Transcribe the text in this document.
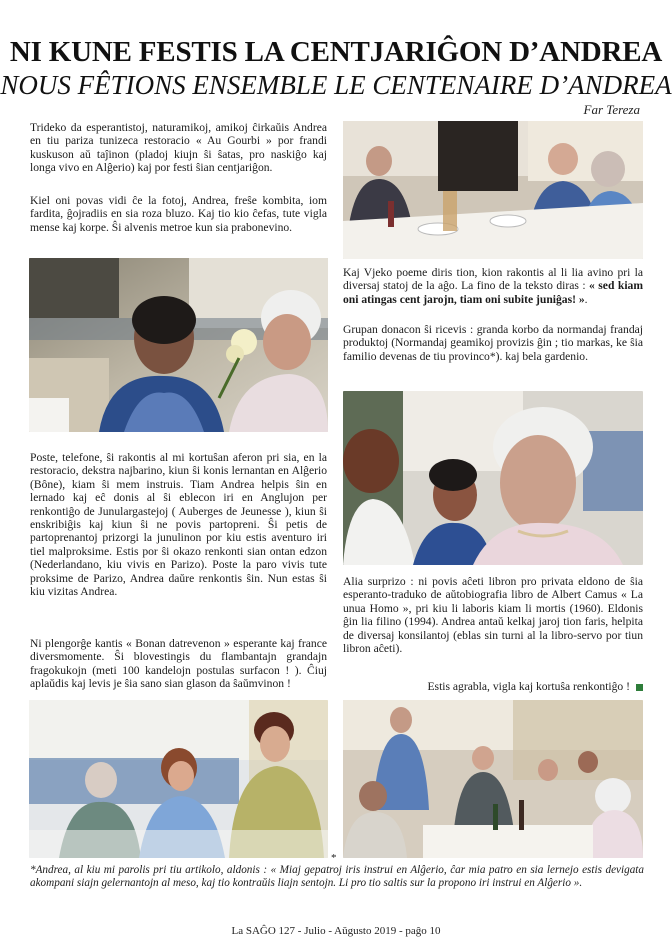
NI KUNE FESTIS LA CENTJARIĜON D’ANDREA
NOUS FÊTIONS ENSEMBLE LE CENTENAIRE D’ANDREA
Far Tereza
Trideko da esperantistoj, naturamikoj, amikoj ĉirkaŭis Andrea en tiu pariza tunizeca restoracio « Au Gourbi » por frandi kuskuson aŭ taĵinon (pladoj kiujn ŝi ŝatas, pro naskiĝo kaj longa vivo en Alĝerio) kaj por festi ŝian centjariĝon.
Kiel oni povas vidi ĉe la fotoj, Andrea, freŝe kombita, iom fardita, ĝojradiis en sia roza bluzo. Kaj tio kio ĉefas, tute vigla mense kaj korpe. Ŝi alvenis metroe kun sia prabonevino.
Poste, telefone, ŝi rakontis al mi kortuŝan aferon pri sia, en la restoracio, dekstra najbarino, kiun ŝi konis lernantan en Alĝerio (Bône), kiam ŝi mem instruis. Tiam Andrea helpis ŝin en lernado kaj eĉ donis al ŝi eblecon iri en Anglujon per renkontiĝo de Junulargastejoj ( Auberges de Jeunesse ), kiun ŝi enskribiĝis kaj kiun ŝi ne povis partopreni. Ŝi petis de partoprenantoj prizorgi la junulinon por kiu estis aventuro iri tiel malproksime. Estis por ŝi okazo renkonti sian ontan edzon (Nederlandano, kiu vivis en Parizo). Poste la paro vivis tute proksime de Parizo, Andrea daŭre renkontis ŝin. Nun estas ŝi kiu vizitas Andrea.
Ni plengorĝe kantis « Bonan datrevenon » esperante kaj france diversmomente. Ŝi blovestingis du flambantajn grandajn fragokukojn (meti 100 kandelojn postulas surfacon ! ). Ĉiuj aplaŭdis kaj levis je ŝia sano sian glason da ŝaŭmvinon !
*
Kaj Vjeko poeme diris tion, kion rakontis al li lia avino pri la diversaj statoj de la aĝo. La fino de la teksto diras : « sed kiam oni atingas cent jarojn, tiam oni subite juniĝas! ».
Grupan donacon ŝi ricevis : granda korbo da normandaj frandaj produktoj (Normandaj geamikoj provizis ĝin ; tio markas, ke ŝia familio devenas de tiu provinco*). kaj bela gardenio.
Alia surprizo : ni povis aĉeti libron pro privata eldono de ŝia esperanto-traduko de aŭtobiografia libro de Albert Camus « La unua Homo », pri kiu li laboris kiam li mortis (1960). Eldonis ĝin lia filino (1994). Andrea antaŭ kelkaj jaroj tion faris, helpita de diversaj konsilantoj (eblas sin turni al la libro-servo por tiun libron aĉeti).
Estis agrabla, vigla kaj kortuŝa renkontiĝo !
*Andrea, al kiu mi parolis pri tiu artikolo, aldonis : « Miaj gepatroj iris instrui en Alĝerio, ĉar mia patro en sia lernejo estis devigata akompani siajn gelernantojn al meso, kaj tio kontraŭis liajn sentojn. Li pro tio saltis sur la propono iri instrui en Alĝerio ».
La SAĜO 127 - Julio - Aŭgusto 2019 - paĝo 10
